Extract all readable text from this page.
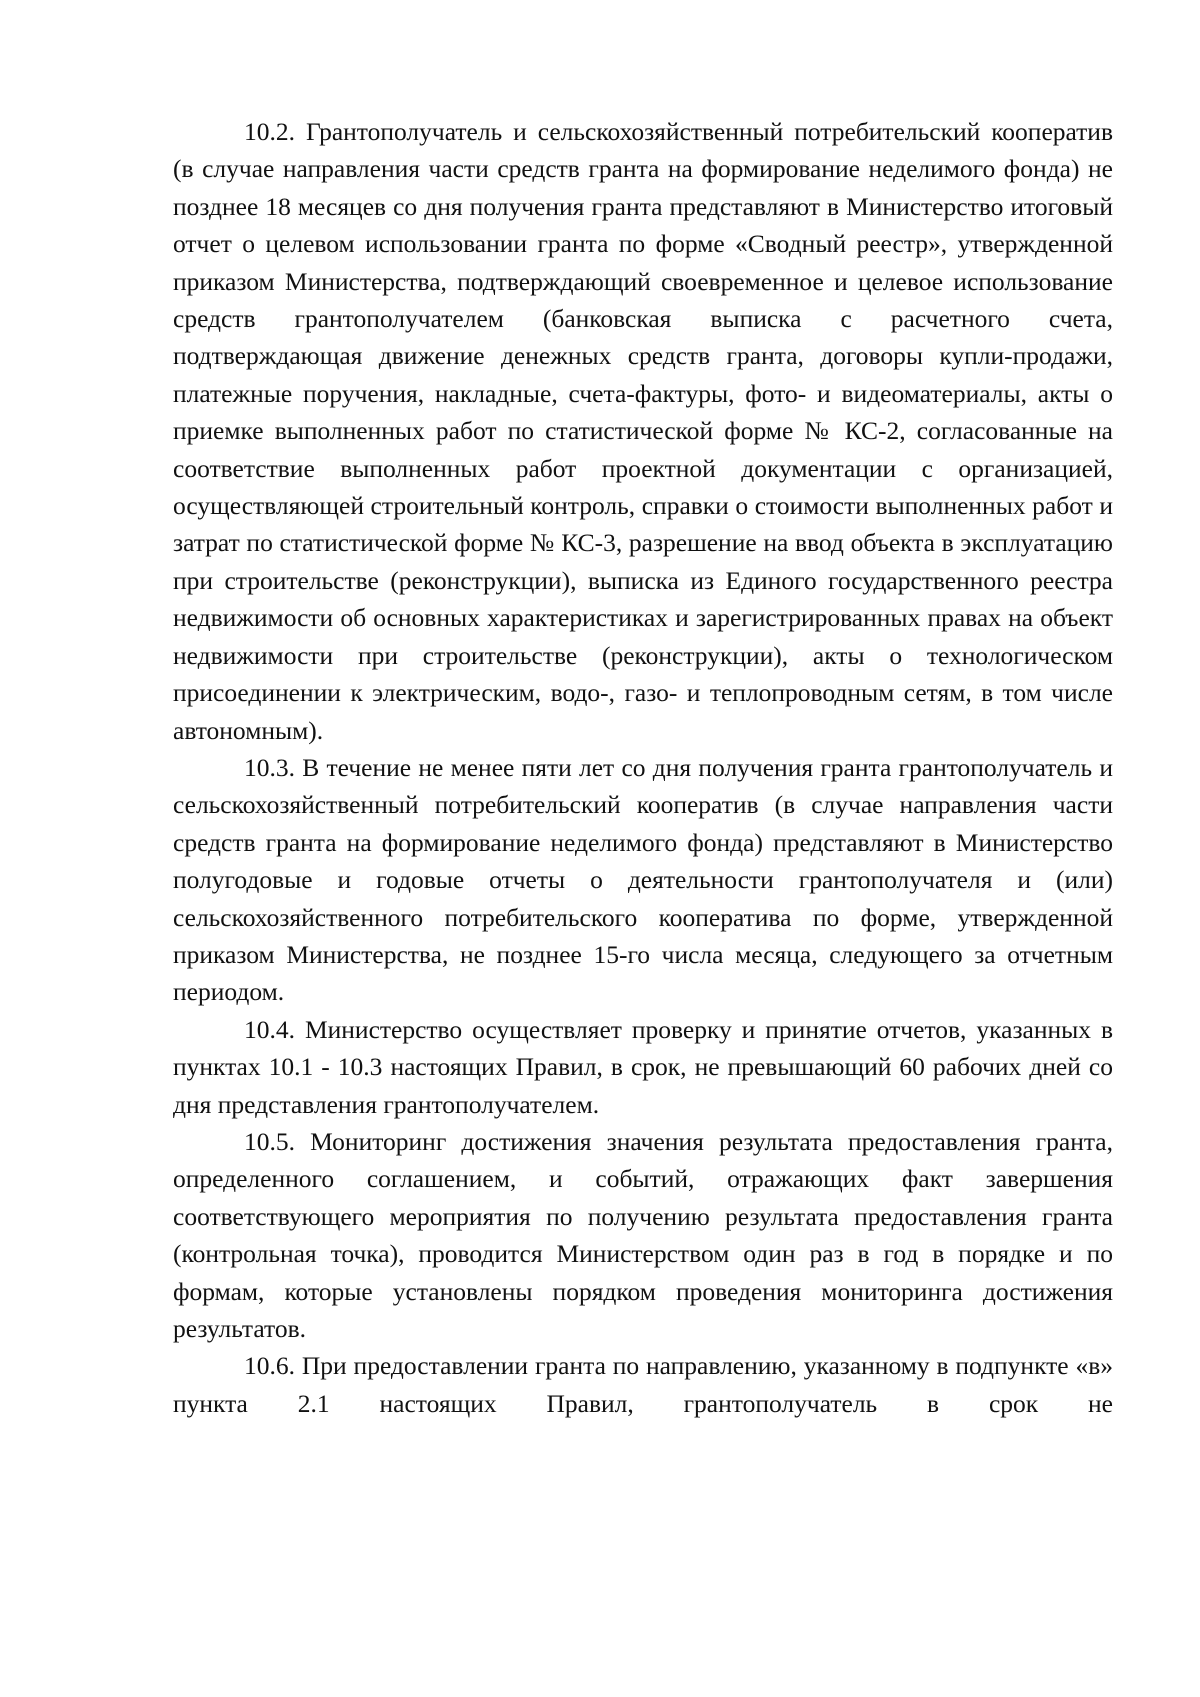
10.2. Грантополучатель и сельскохозяйственный потребительский кооператив (в случае направления части средств гранта на формирование неделимого фонда) не позднее 18 месяцев со дня получения гранта представляют в Министерство итоговый отчет о целевом использовании гранта по форме «Сводный реестр», утвержденной приказом Министерства, подтверждающий своевременное и целевое использование средств грантополучателем (банковская выписка с расчетного счета, подтверждающая движение денежных средств гранта, договоры купли-продажи, платежные поручения, накладные, счета-фактуры, фото- и видеоматериалы, акты о приемке выполненных работ по статистической форме № КС-2, согласованные на соответствие выполненных работ проектной документации с организацией, осуществляющей строительный контроль, справки о стоимости выполненных работ и затрат по статистической форме № КС-3, разрешение на ввод объекта в эксплуатацию при строительстве (реконструкции), выписка из Единого государственного реестра недвижимости об основных характеристиках и зарегистрированных правах на объект недвижимости при строительстве (реконструкции), акты о технологическом присоединении к электрическим, водо-, газо- и теплопроводным сетям, в том числе автономным).

10.3. В течение не менее пяти лет со дня получения гранта грантополучатель и сельскохозяйственный потребительский кооператив (в случае направления части средств гранта на формирование неделимого фонда) представляют в Министерство полугодовые и годовые отчеты о деятельности грантополучателя и (или) сельскохозяйственного потребительского кооператива по форме, утвержденной приказом Министерства, не позднее 15-го числа месяца, следующего за отчетным периодом.

10.4. Министерство осуществляет проверку и принятие отчетов, указанных в пунктах 10.1 - 10.3 настоящих Правил, в срок, не превышающий 60 рабочих дней со дня представления грантополучателем.

10.5. Мониторинг достижения значения результата предоставления гранта, определенного соглашением, и событий, отражающих факт завершения соответствующего мероприятия по получению результата предоставления гранта (контрольная точка), проводится Министерством один раз в год в порядке и по формам, которые установлены порядком проведения мониторинга достижения результатов.

10.6. При предоставлении гранта по направлению, указанному в подпункте «в» пункта 2.1 настоящих Правил, грантополучатель в срок не
